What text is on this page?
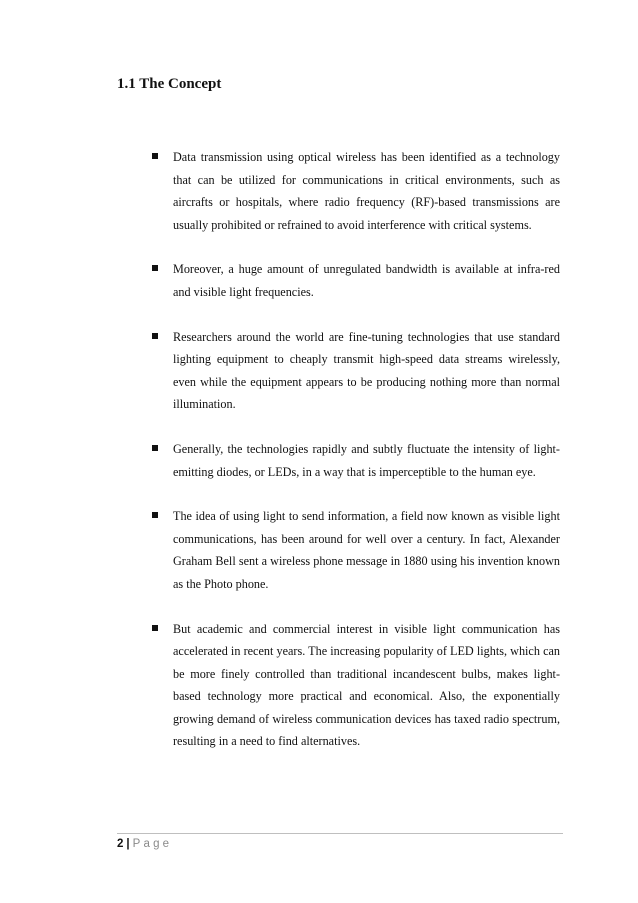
1.1 The Concept
Data transmission using optical wireless has been identified as a technology that can be utilized for communications in critical environments, such as aircrafts or hospitals, where radio frequency (RF)-based transmissions are usually prohibited or refrained to avoid interference with critical systems.
Moreover, a huge amount of unregulated bandwidth is available at infra-red and visible light frequencies.
Researchers around the world are fine-tuning technologies that use standard lighting equipment to cheaply transmit high-speed data streams wirelessly, even while the equipment appears to be producing nothing more than normal illumination.
Generally, the technologies rapidly and subtly fluctuate the intensity of light-emitting diodes, or LEDs, in a way that is imperceptible to the human eye.
The idea of using light to send information, a field now known as visible light communications, has been around for well over a century. In fact, Alexander Graham Bell sent a wireless phone message in 1880 using his invention known as the Photo phone.
But academic and commercial interest in visible light communication has accelerated in recent years. The increasing popularity of LED lights, which can be more finely controlled than traditional incandescent bulbs, makes light-based technology more practical and economical. Also, the exponentially growing demand of wireless communication devices has taxed radio spectrum, resulting in a need to find alternatives.
2 | Page
